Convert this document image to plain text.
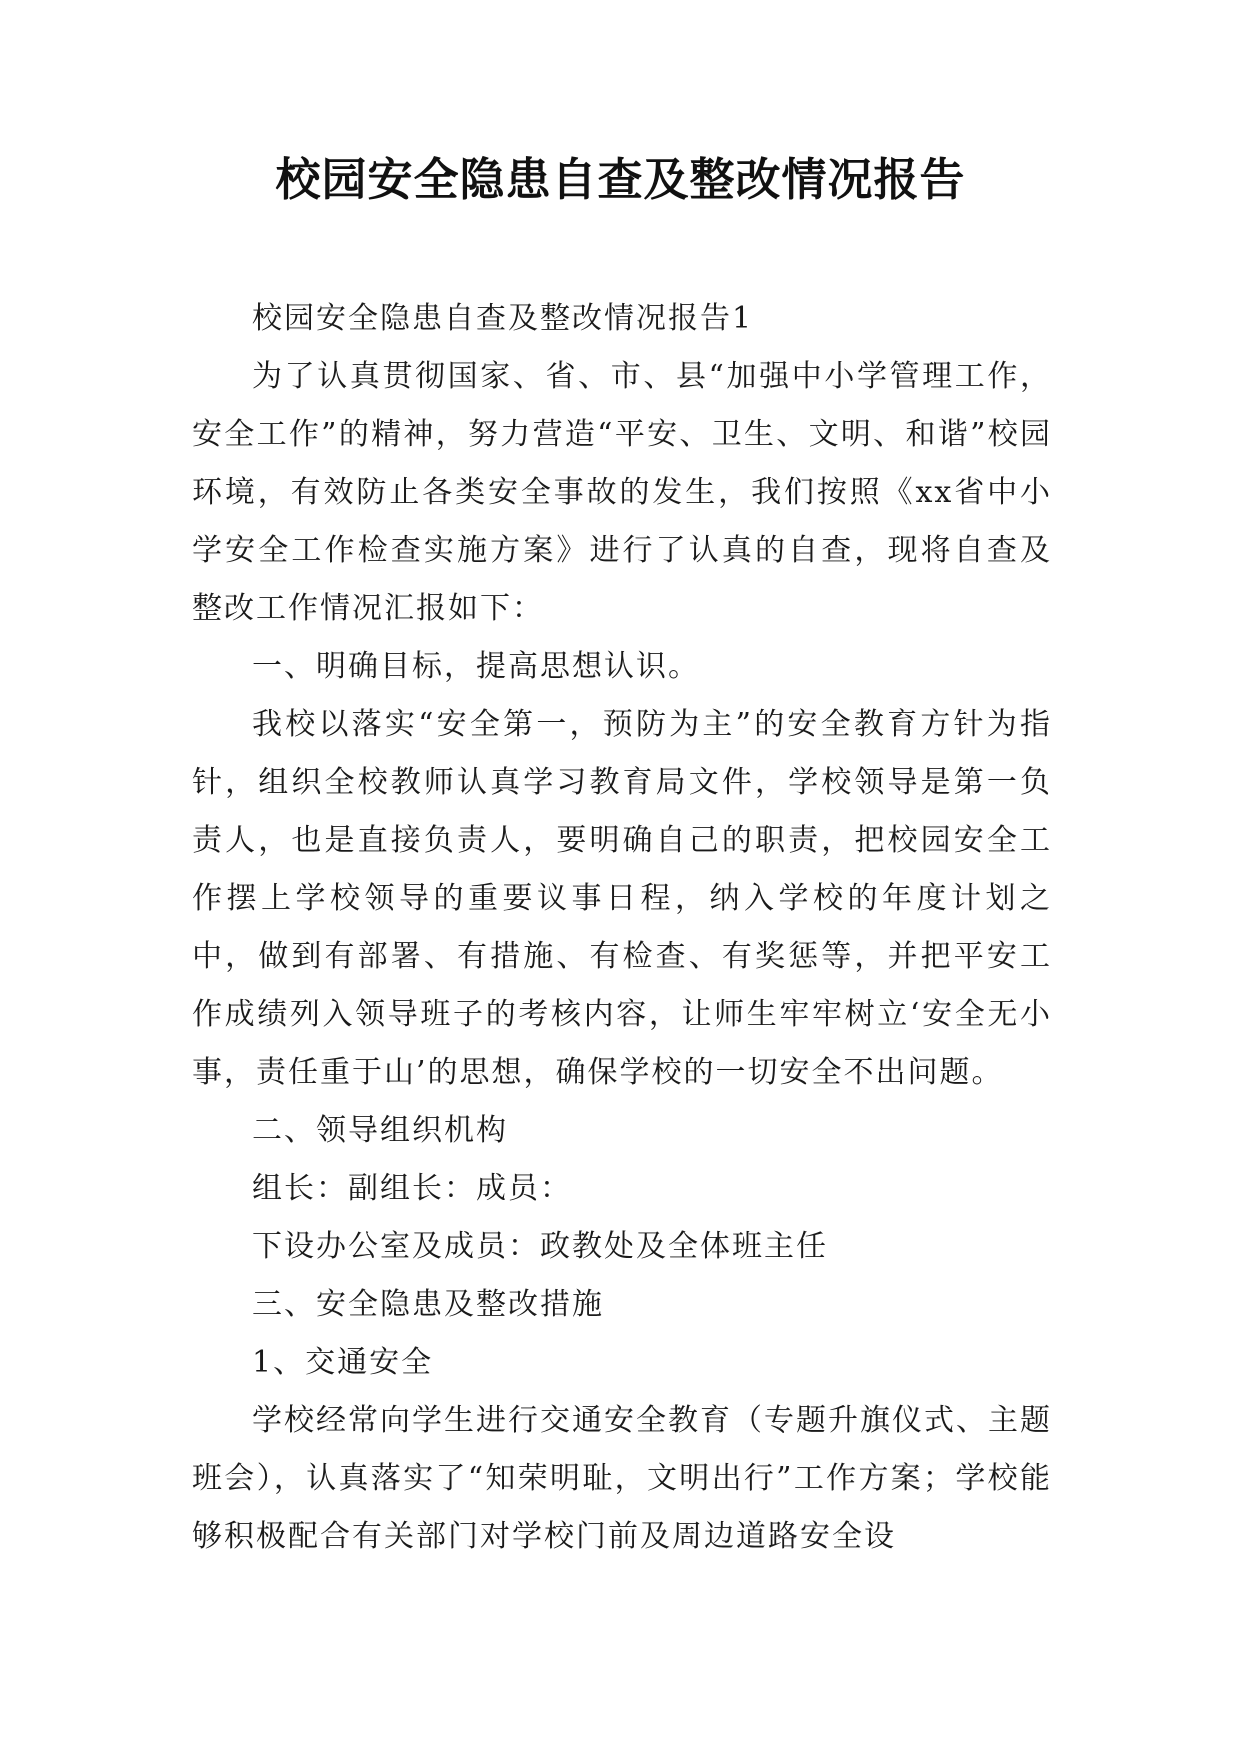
校园安全隐患自查及整改情况报告

校园安全隐患自查及整改情况报告1

为了认真贯彻国家、省、市、县“加强中小学管理工作，安全工作”的精神，努力营造“平安、卫生、文明、和谐”校园环境，有效防止各类安全事故的发生，我们按照《xx省中小学安全工作检查实施方案》进行了认真的自查，现将自查及整改工作情况汇报如下：

一、明确目标，提高思想认识。

我校以落实“安全第一，预防为主”的安全教育方针为指针，组织全校教师认真学习教育局文件，学校领导是第一负责人，也是直接负责人，要明确自己的职责，把校园安全工作摆上学校领导的重要议事日程，纳入学校的年度计划之中，做到有部署、有措施、有检查、有奖惩等，并把平安工作成绩列入领导班子的考核内容，让师生牢牢树立‘安全无小事，责任重于山’的思想，确保学校的一切安全不出问题。

二、领导组织机构

组长：副组长：成员：

下设办公室及成员：政教处及全体班主任

三、安全隐患及整改措施

1、交通安全

学校经常向学生进行交通安全教育（专题升旗仪式、主题班会），认真落实了“知荣明耻，文明出行”工作方案；学校能够积极配合有关部门对学校门前及周边道路安全设
